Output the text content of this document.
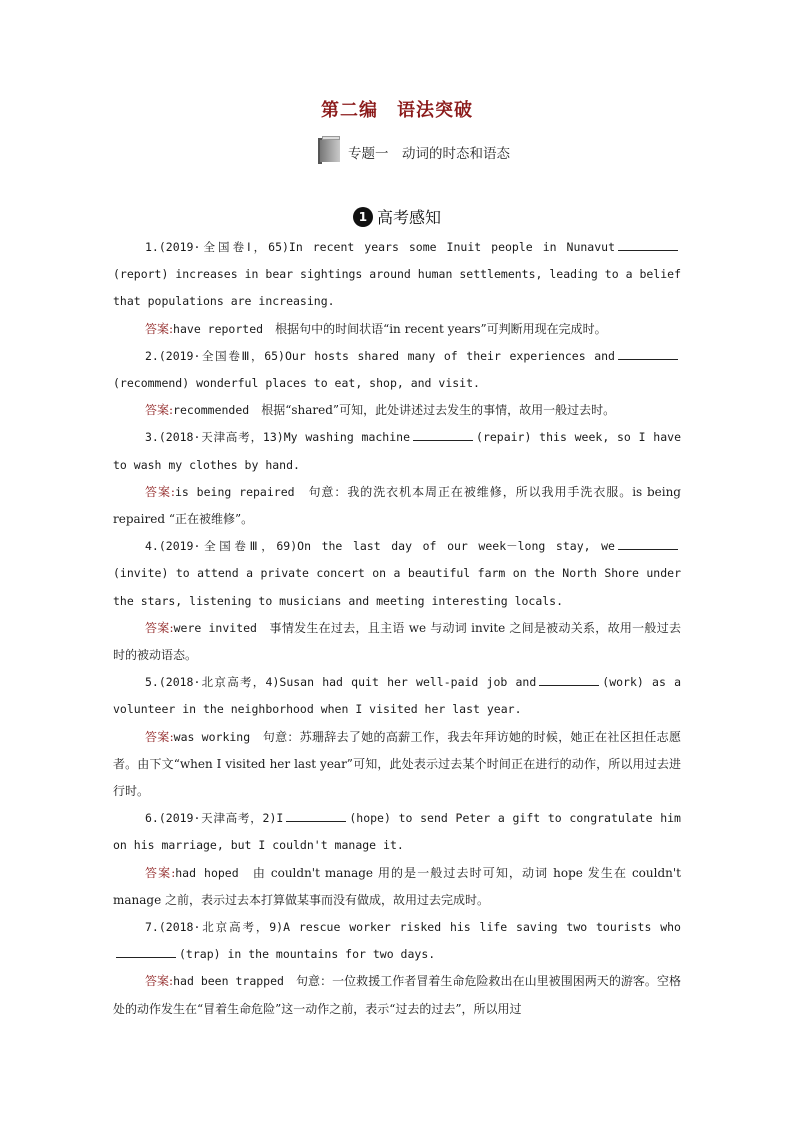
第二编　语法突破
专题一　动词的时态和语态
1 高考感知

1.(2019·全国卷Ⅰ，65)In recent years some Inuit people in Nunavut(report) increases in bear sightings around human settlements, leading to a belief that populations are increasing.

答案:have reported　 根据句中的时间状语“in recent years”可判断用现在完成时。

2.(2019·全国卷Ⅲ，65)Our hosts shared many of their experiences and(recommend) wonderful places to eat, shop, and visit.

答案:recommended　 根据“shared”可知，此处讲述过去发生的事情，故用一般过去时。

3.(2018·天津高考，13)My washing machine	(repair) this week, so I have to wash my clothes by hand.

答案:is being repaired　 句意：我的洗衣机本周正在被维修，所以我用手洗衣服。is being repaired “正在被维修”。

4.(2019·全国卷Ⅲ，69)On the last day of our week－long stay, we(invite) to attend a private concert on a beautiful farm on the North Shore under the stars, listening to musicians and meeting interesting locals.

答案:were invited　 事情发生在过去，且主语 we 与动词 invite 之间是被动关系，故用一般过去时的被动语态。

5.(2018·北京高考，4)Susan had quit her well-paid job and	(work) as a volunteer in the neighborhood when I visited her last year.

答案:was working　 句意：苏珊辞去了她的高薪工作，我去年拜访她的时候，她正在社区担任志愿者。由下文“when I visited her last year”可知，此处表示过去某个时间正在进行的动作，所以用过去进行时。

6.(2019·天津高考，2)I	(hope) to send Peter a gift to congratulate him on his marriage, but I couldn't manage it.

答案:had hoped　 由 couldn't manage 用的是一般过去时可知，动词 hope 发生在 couldn't manage 之前，表示过去本打算做某事而没有做成，故用过去完成时。

7.(2018·北京高考，9)A rescue worker risked his life saving two tourists who(trap) in the mountains for two days.

答案:had been trapped　 句意：一位救援工作者冒着生命危险救出在山里被围困两天的游客。空格处的动作发生在“冒着生命危险”这一动作之前，表示“过去的过去”，所以用过
